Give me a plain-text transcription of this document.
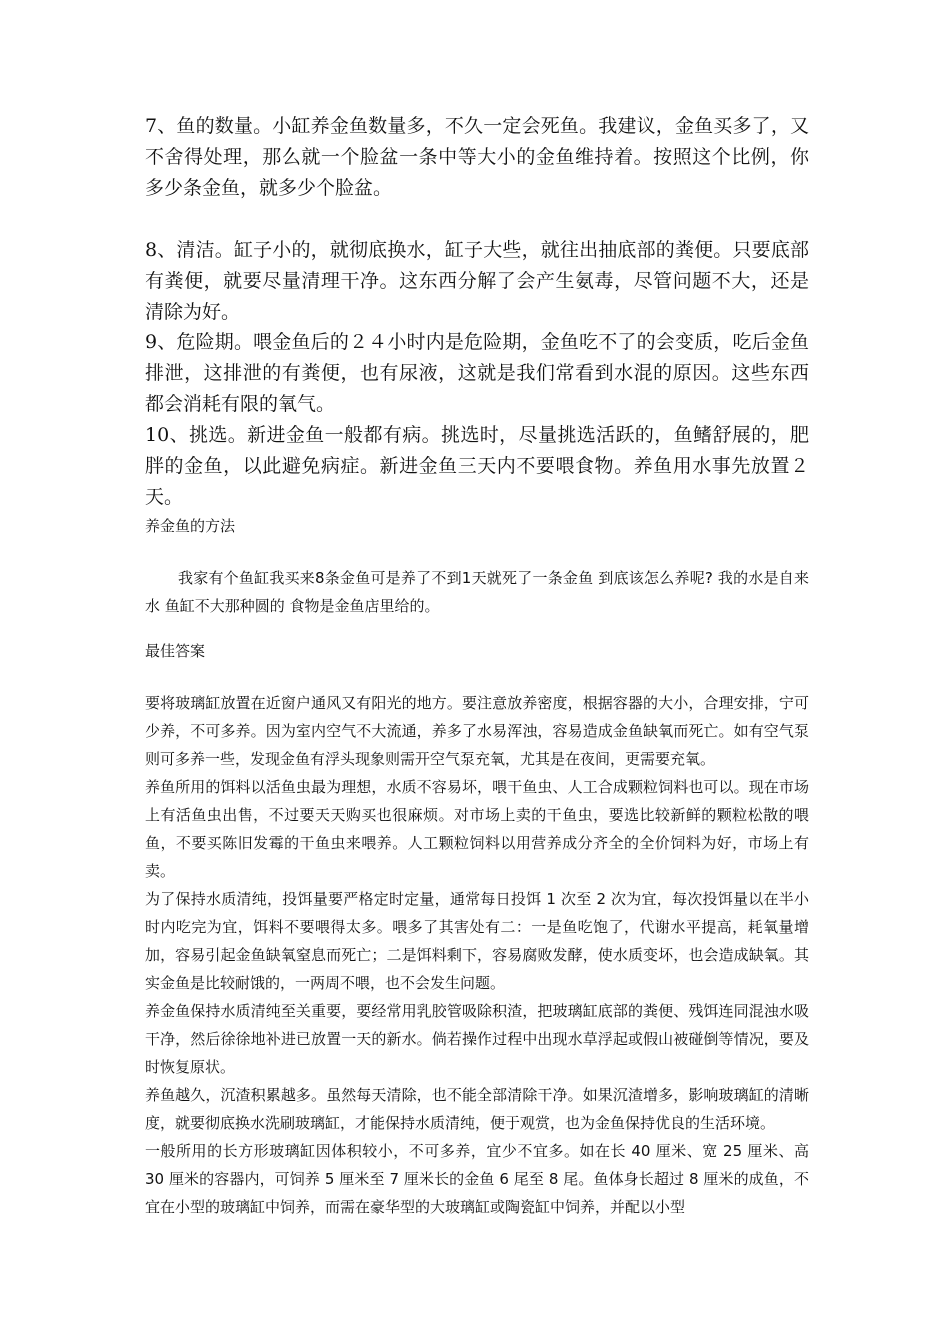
7、鱼的数量。小缸养金鱼数量多，不久一定会死鱼。我建议，金鱼买多了，又不舍得处理，那么就一个脸盆一条中等大小的金鱼维持着。按照这个比例，你多少条金鱼，就多少个脸盆。

8、清洁。缸子小的，就彻底换水，缸子大些，就往出抽底部的粪便。只要底部有粪便，就要尽量清理干净。这东西分解了会产生氨毒，尽管问题不大，还是清除为好。

9、危险期。喂金鱼后的２４小时内是危险期，金鱼吃不了的会变质，吃后金鱼排泄，这排泄的有粪便，也有尿液，这就是我们常看到水混的原因。这些东西都会消耗有限的氧气。

10、挑选。新进金鱼一般都有病。挑选时，尽量挑选活跃的，鱼鳍舒展的，肥胖的金鱼，以此避免病症。新进金鱼三天内不要喂食物。养鱼用水事先放置２天。

养金鱼的方法

我家有个鱼缸我买来8条金鱼可是养了不到1天就死了一条金鱼 到底该怎么养呢? 我的水是自来水 鱼缸不大那种圆的 食物是金鱼店里给的。

最佳答案

要将玻璃缸放置在近窗户通风又有阳光的地方。要注意放养密度，根据容器的大小，合理安排，宁可少养，不可多养。因为室内空气不大流通，养多了水易浑浊，容易造成金鱼缺氧而死亡。如有空气泵则可多养一些，发现金鱼有浮头现象则需开空气泵充氧，尤其是在夜间，更需要充氧。

养鱼所用的饵料以活鱼虫最为理想，水质不容易坏，喂干鱼虫、人工合成颗粒饲料也可以。现在市场上有活鱼虫出售，不过要天天购买也很麻烦。对市场上卖的干鱼虫，要选比较新鲜的颗粒松散的喂鱼，不要买陈旧发霉的干鱼虫来喂养。人工颗粒饲料以用营养成分齐全的全价饲料为好，市场上有卖。

为了保持水质清纯，投饵量要严格定时定量，通常每日投饵 1 次至 2 次为宜，每次投饵量以在半小时内吃完为宜，饵料不要喂得太多。喂多了其害处有二：一是鱼吃饱了，代谢水平提高，耗氧量增加，容易引起金鱼缺氧窒息而死亡；二是饵料剩下，容易腐败发酵，使水质变坏，也会造成缺氧。其实金鱼是比较耐饿的，一两周不喂，也不会发生问题。

养金鱼保持水质清纯至关重要，要经常用乳胶管吸除积渣，把玻璃缸底部的粪便、残饵连同混浊水吸干净，然后徐徐地补进已放置一天的新水。倘若操作过程中出现水草浮起或假山被碰倒等情况，要及时恢复原状。

养鱼越久，沉渣积累越多。虽然每天清除，也不能全部清除干净。如果沉渣增多，影响玻璃缸的清晰度，就要彻底换水洗刷玻璃缸，才能保持水质清纯，便于观赏，也为金鱼保持优良的生活环境。

一般所用的长方形玻璃缸因体积较小，不可多养，宜少不宜多。如在长 40 厘米、宽 25 厘米、高 30 厘米的容器内，可饲养 5 厘米至 7 厘米长的金鱼 6 尾至 8 尾。鱼体身长超过 8 厘米的成鱼，不宜在小型的玻璃缸中饲养，而需在豪华型的大玻璃缸或陶瓷缸中饲养，并配以小型
